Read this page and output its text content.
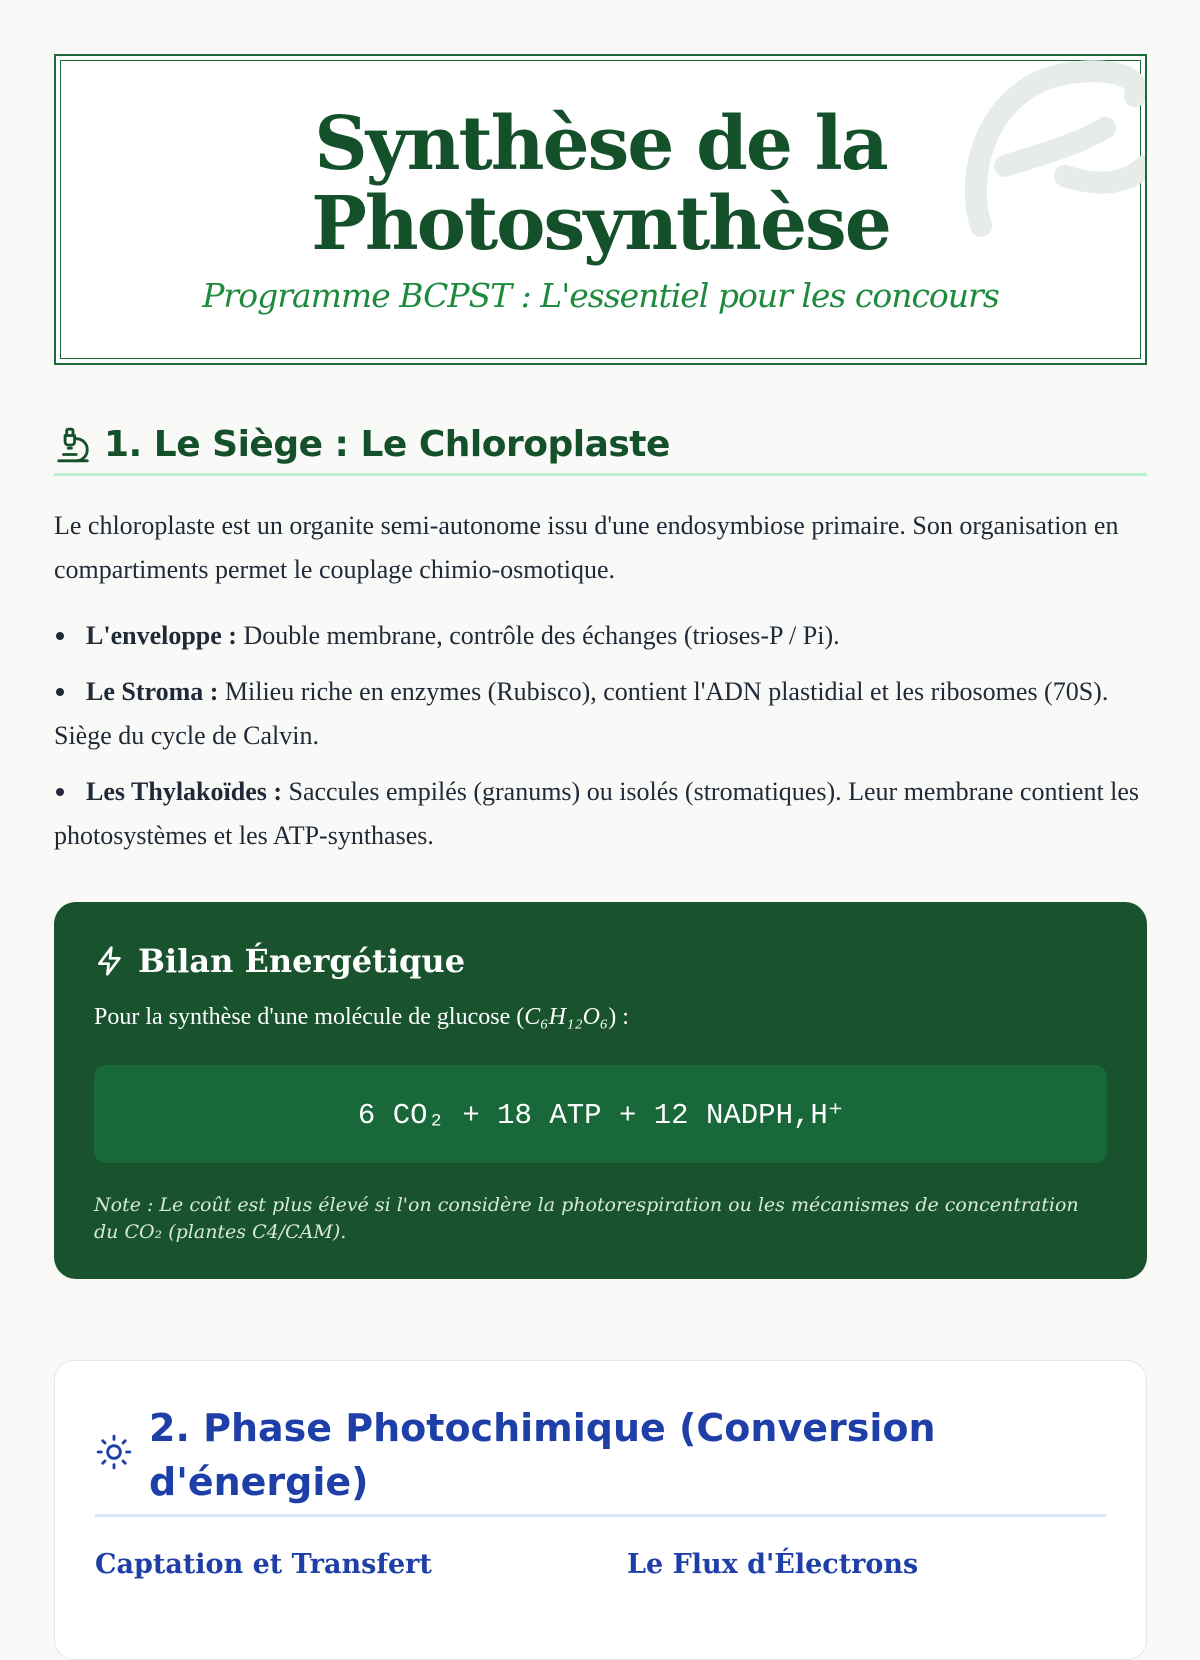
Synthèse de la
Photosynthèse
Programme BCPST : L'essentiel pour les concours
1. Le Siège : Le Chloroplaste

Le chloroplaste est un organite semi-autonome issu d'une endosymbiose primaire. Son organisation en compartiments permet le couplage chimio-osmotique.

L'enveloppe : Double membrane, contrôle des échanges (trioses-P / Pi).
Le Stroma : Milieu riche en enzymes (Rubisco), contient l'ADN plastidial et les ribosomes (70S). Siège du cycle de Calvin.
Les Thylakoïdes : Saccules empilés (granums) ou isolés (stromatiques). Leur membrane contient les photosystèmes et les ATP-synthases.
Bilan Énergétique
Pour la synthèse d'une molécule de glucose (C₆H₁₂O₆) :
6 CO₂ + 18 ATP + 12 NADPH,H⁺
Note : Le coût est plus élevé si l'on considère la photorespiration ou les mécanismes de concentration du CO₂ (plantes C4/CAM).
2. Phase Photochimique (Conversion d'énergie)
Captation et Transfert	Le Flux d'Électrons
